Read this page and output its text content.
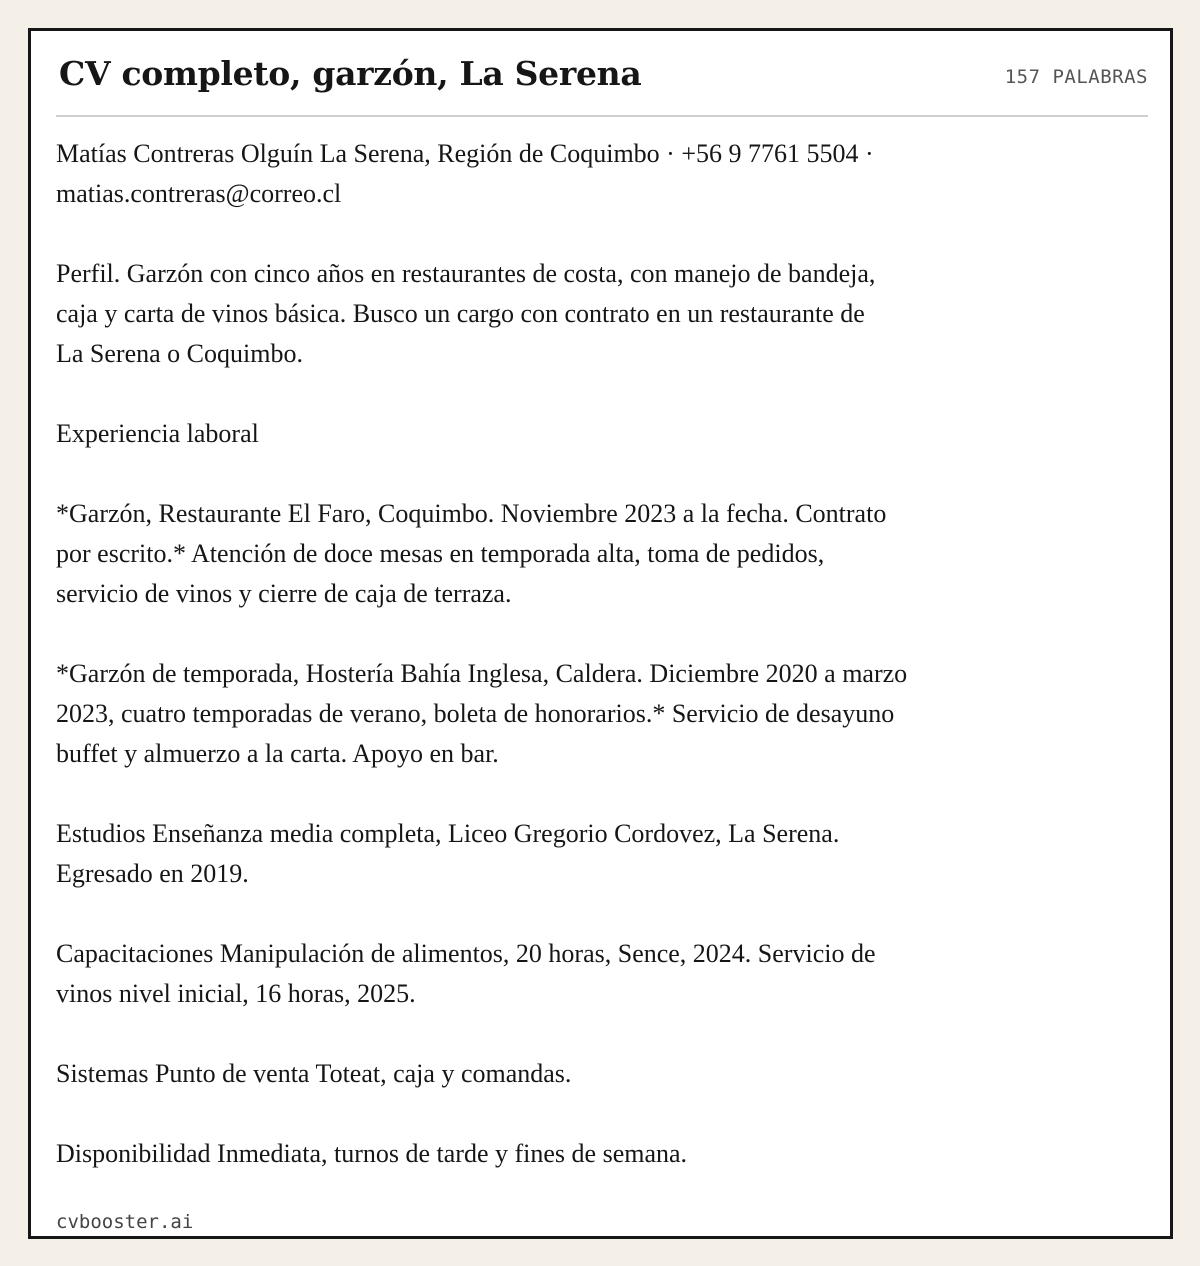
CV completo, garzón, La Serena	157 PALABRAS
Matías Contreras Olguín La Serena, Región de Coquimbo · +56 9 7761 5504 ·
matias.contreras@correo.cl

Perfil. Garzón con cinco años en restaurantes de costa, con manejo de bandeja,
caja y carta de vinos básica. Busco un cargo con contrato en un restaurante de
La Serena o Coquimbo.

Experiencia laboral

*Garzón, Restaurante El Faro, Coquimbo. Noviembre 2023 a la fecha. Contrato
por escrito.* Atención de doce mesas en temporada alta, toma de pedidos,
servicio de vinos y cierre de caja de terraza.

*Garzón de temporada, Hostería Bahía Inglesa, Caldera. Diciembre 2020 a marzo
2023, cuatro temporadas de verano, boleta de honorarios.* Servicio de desayuno
buffet y almuerzo a la carta. Apoyo en bar.

Estudios Enseñanza media completa, Liceo Gregorio Cordovez, La Serena.
Egresado en 2019.

Capacitaciones Manipulación de alimentos, 20 horas, Sence, 2024. Servicio de
vinos nivel inicial, 16 horas, 2025.

Sistemas Punto de venta Toteat, caja y comandas.

Disponibilidad Inmediata, turnos de tarde y fines de semana.
cvbooster.ai
